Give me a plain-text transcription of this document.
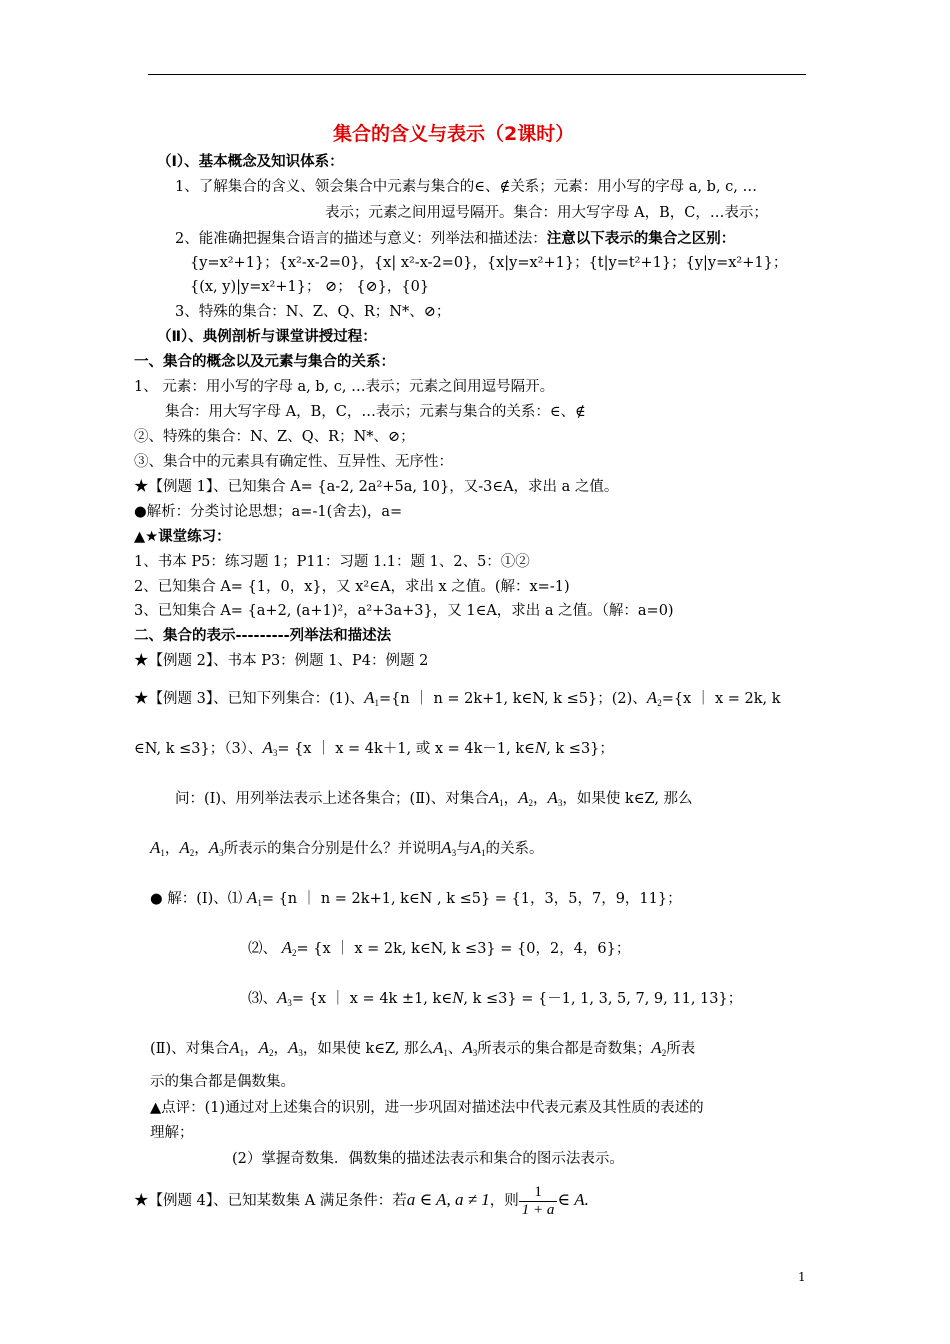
集合的含义与表示（2课时）
（Ⅰ）、基本概念及知识体系：
1、了解集合的含义、领会集合中元素与集合的∈、∉关系；元素：用小写的字母 a, b, c, …
表示；元素之间用逗号隔开。集合：用大写字母 A，B，C，…表示；
2、能准确把握集合语言的描述与意义：列举法和描述法：注意以下表示的集合之区别：
{y=x²+1}；{x²-x-2=0}，{x| x²-x-2=0}，{x|y=x²+1}；{t|y=t²+1}；{y|y=x²+1}；
{(x, y)|y=x²+1}； ⊘； {⊘}，{0}
3、特殊的集合：N、Z、Q、R；N*、⊘；
（Ⅱ）、典例剖析与课堂讲授过程：
一、集合的概念以及元素与集合的关系：
1、 元素：用小写的字母 a, b, c, …表示；元素之间用逗号隔开。
集合：用大写字母 A，B，C，…表示；元素与集合的关系：∈、∉
②、特殊的集合：N、Z、Q、R；N*、⊘；
③、集合中的元素具有确定性、互异性、无序性：
★【例题 1】、已知集合 A= {a-2, 2a²+5a, 10}，又-3∈A，求出 a 之值。
●解析：分类讨论思想；a=-1(舍去)，a=
▲★课堂练习：
1、书本 P5：练习题 1；P11：习题 1.1：题 1、2、5：①②
2、已知集合 A= {1，0，x}，又 x²∈A，求出 x 之值。(解：x=-1)
3、已知集合 A= {a+2, (a+1)²，a²+3a+3}，又 1∈A，求出 a 之值。（解：a=0)
二、集合的表示---------列举法和描述法
★【例题 2】、书本 P3：例题 1、P4：例题 2
★【例题 3】、已知下列集合：(1)、$A_1=\{n$ ｜ n = 2k+1, k∈N, k ≤5}；(2)、$A_2=\{x$ ｜ x = 2k, k
∈N, k ≤3}；（3）、$A_3= \{x$ ｜ x = 4k＋1, 或 x = 4k－1, k∈N, k ≤3}；
问：(Ⅰ)、用列举法表示上述各集合；(Ⅱ)、对集合$A_1$，$A_2$，$A_3$，如果使 k∈Z, 那么
$A_1$，$A_2$，$A_3$所表示的集合分别是什么？并说明$A_3$与$A_1$的关系。
● 解：(Ⅰ)、⑴ $A_1= \{n$ ｜ n = 2k+1, k∈N , k ≤5} = {1，3，5，7，9，11}；
⑵、 $A_2= \{x$ ｜ x = 2k, k∈N, k ≤3} = {0，2，4，6}；
⑶、$A_3= \{x$ ｜ x = 4k ±1, k∈N, k ≤3} = {－1, 1, 3, 5, 7, 9, 11, 13}；
(Ⅱ)、对集合$A_1$，$A_2$，$A_3$，如果使 k∈Z, 那么$A_1$、$A_3$所表示的集合都是奇数集；$A_2$所表
示的集合都是偶数集。
▲点评：(1)通过对上述集合的识别，进一步巩固对描述法中代表元素及其性质的表述的
理解；
(2）掌握奇数集．偶数集的描述法表示和集合的图示法表示。
★【例题 4】、已知某数集 A 满足条件：若a ∈ A, a ≠ 1，则 $\frac{1}{1 + a}$ ∈ A.
1
